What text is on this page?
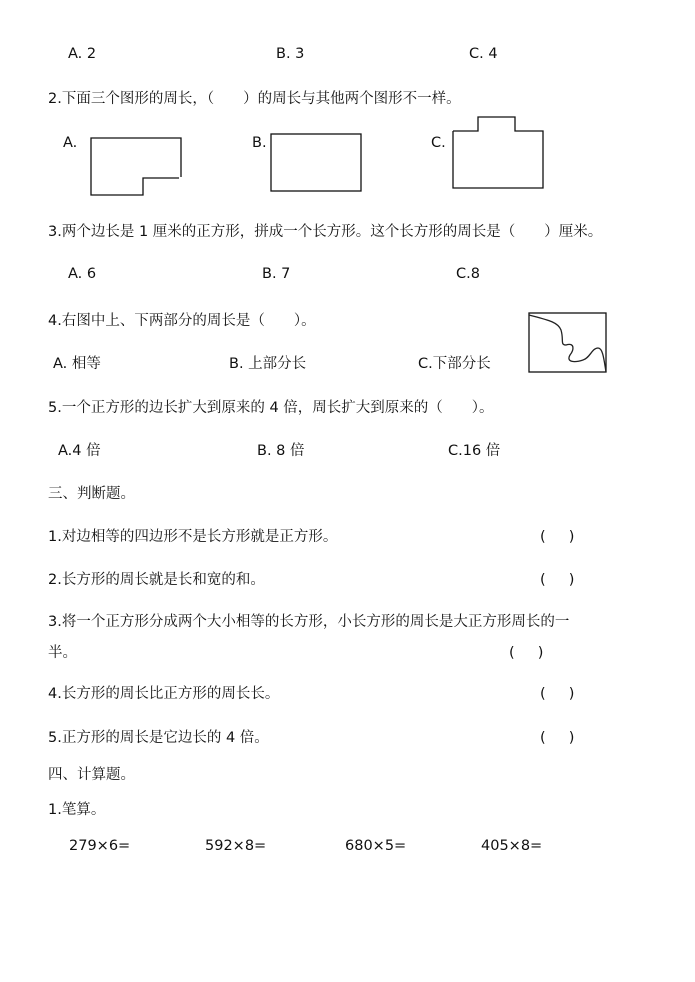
A. 2	B. 3	C. 4
2.下面三个图形的周长，（　　）的周长与其他两个图形不一样。
A.	B.	C.
3.两个边长是 1 厘米的正方形，拼成一个长方形。这个长方形的周长是（　　）厘米。
A. 6	B. 7	C.8
4.右图中上、下两部分的周长是（　　）。
A. 相等	B. 上部分长	C.下部分长
5.一个正方形的边长扩大到原来的 4 倍，周长扩大到原来的（　　）。
A.4 倍	B. 8 倍	C.16 倍
三、判断题。
1.对边相等的四边形不是长方形就是正方形。	(     )
2.长方形的周长就是长和宽的和。	(     )
3.将一个正方形分成两个大小相等的长方形，小长方形的周长是大正方形周长的一
半。	(     )
4.长方形的周长比正方形的周长长。	(     )
5.正方形的周长是它边长的 4 倍。	(     )
四、计算题。
1.笔算。
279×6=	592×8=	680×5=	405×8=
